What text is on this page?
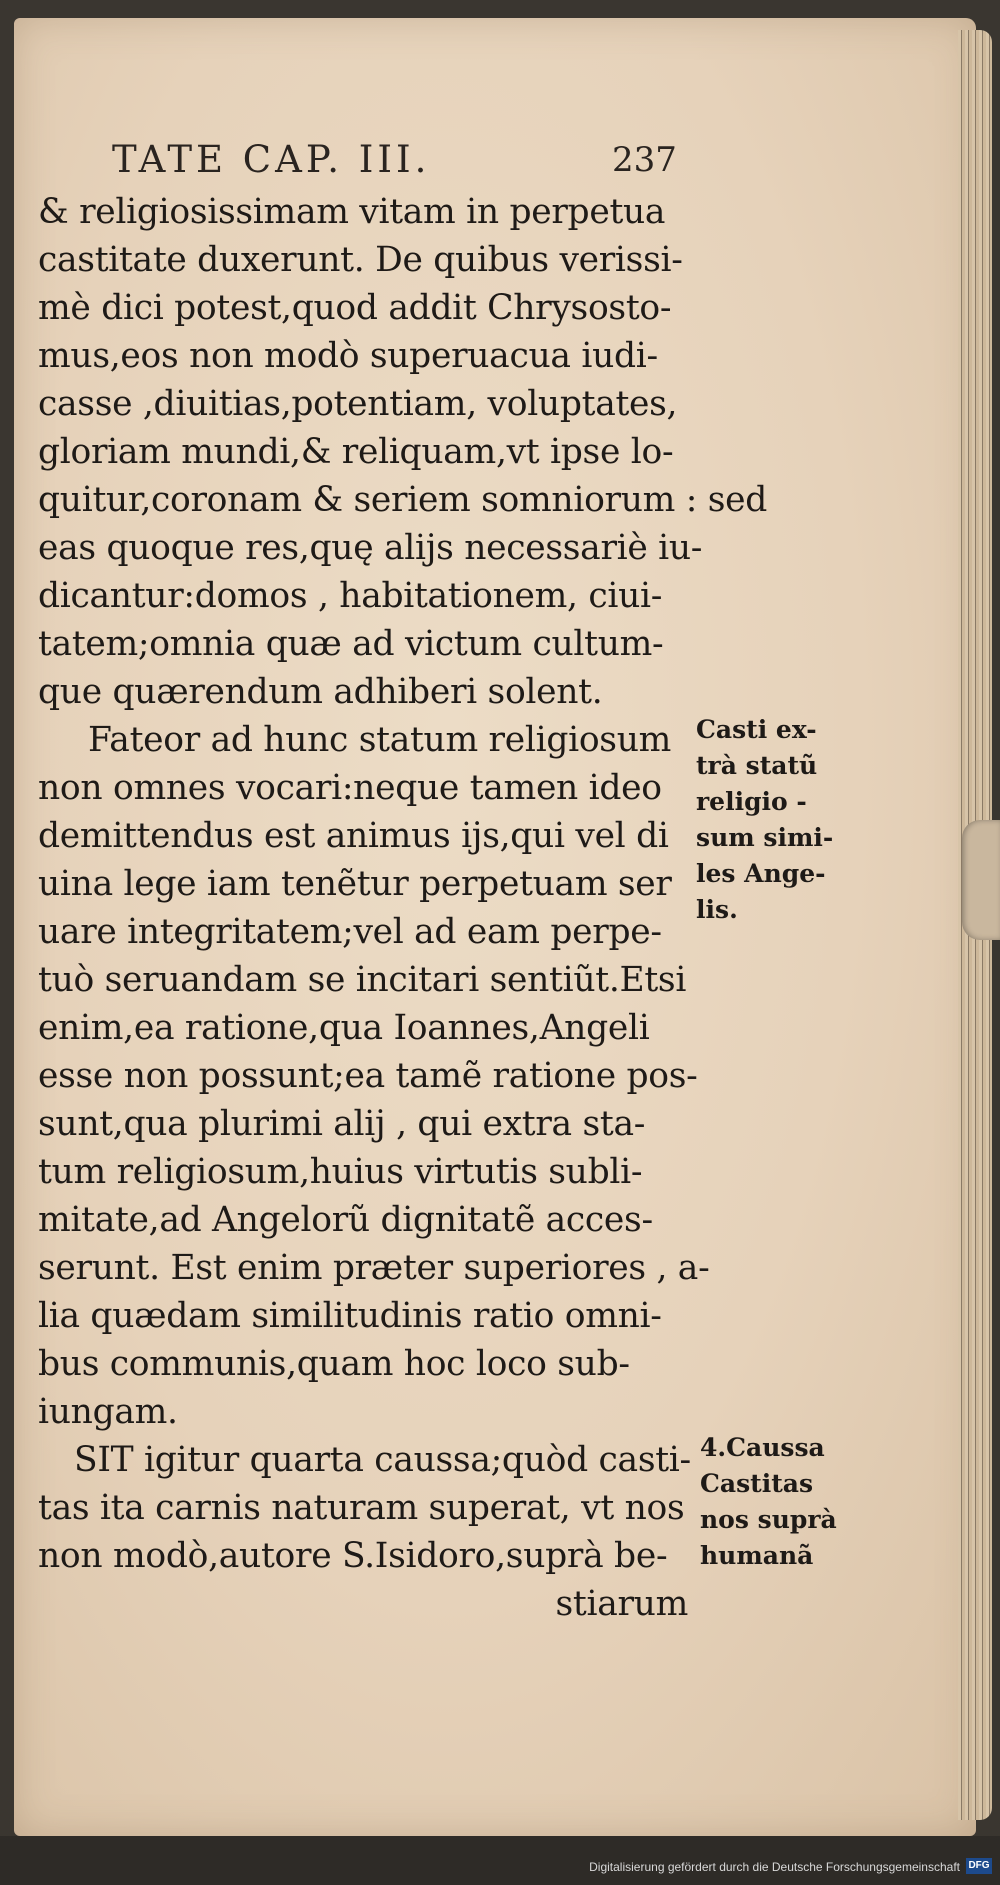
TATE CAP. III.	237
& religiosissimam vitam in perpetua
castitate duxerunt. De quibus verissi-
mè dici potest,quod addit Chrysosto-
mus,eos non modò superuacua iudi-
casse ,diuitias,potentiam, voluptates,
gloriam mundi,& reliquam,vt ipse lo-
quitur,coronam & seriem somniorum : sed
eas quoque res,quę alijs necessariè iu-
dicantur:domos , habitationem, ciui-
tatem;omnia quæ ad victum cultum-
que quærendum adhiberi solent.
Fateor ad hunc statum religiosum
non omnes vocari:neque tamen ideo
demittendus est animus ijs,qui vel di
uina lege iam tenẽtur perpetuam ser
uare integritatem;vel ad eam perpe-
tuò seruandam se incitari sentiũt.Etsi
enim,ea ratione,qua Ioannes,Angeli
esse non possunt;ea tamẽ ratione pos-
sunt,qua plurimi alij , qui extra sta-
tum religiosum,huius virtutis subli-
mitate,ad Angelorũ dignitatẽ acces-
serunt. Est enim præter superiores , a-
lia quædam similitudinis ratio omni-
bus communis,quam hoc loco sub-
iungam.
SIT igitur quarta caussa;quòd casti-
tas ita carnis naturam superat, vt nos
non modò,autore S.Isidoro,suprà be-
stiarum
Casti ex-
trà statũ
religio -
sum simi-
les Ange-
lis.
4.Caussa
Castitas
nos suprà
humanã
Digitalisierung gefördert durch die Deutsche Forschungsgemeinschaft DFG
